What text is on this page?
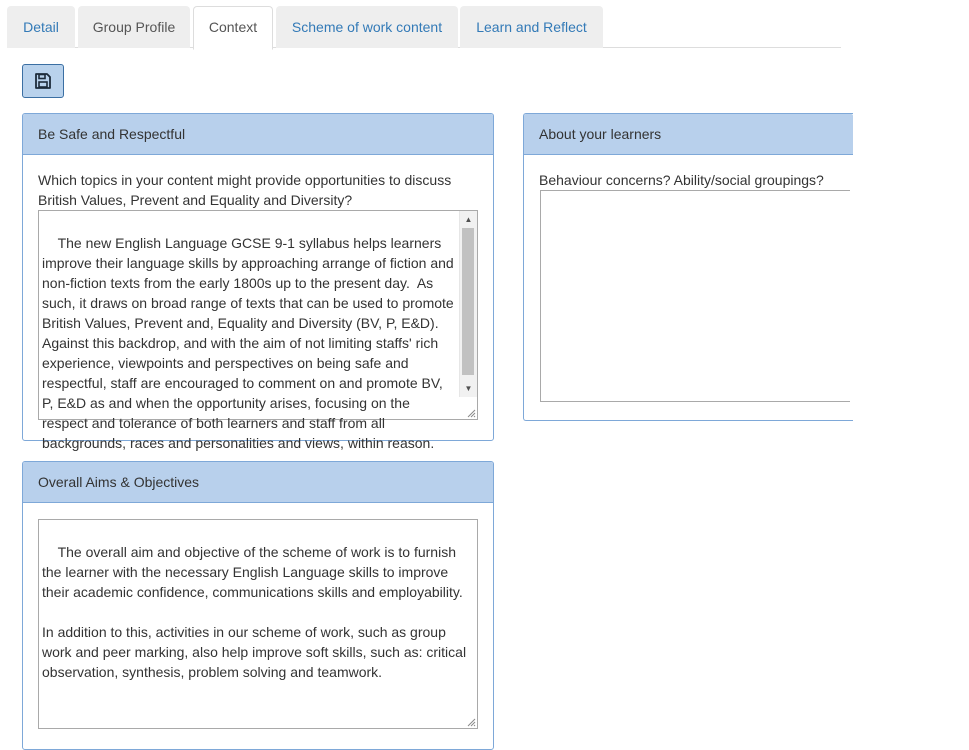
Detail	Group Profile	Context	Scheme of work content	Learn and Reflect
Be Safe and Respectful
Which topics in your content might provide opportunities to discuss British Values, Prevent and Equality and Diversity?

The new English Language GCSE 9-1 syllabus helps learners improve their language skills by approaching arrange of fiction and non-fiction texts from the early 1800s up to the present day.  As such, it draws on broad range of texts that can be used to promote British Values, Prevent and, Equality and Diversity (BV, P, E&D). Against this backdrop, and with the aim of not limiting staffs' rich experience, viewpoints and perspectives on being safe and respectful, staff are encouraged to comment on and promote BV, P, E&D as and when the opportunity arises, focusing on the respect and tolerance of both learners and staff from all backgrounds, races and personalities and views, within reason.

▲

▼

About your learners
Behaviour concerns? Ability/social groupings?

Overall Aims & Objectives

The overall aim and objective of the scheme of work is to furnish the learner with the necessary English Language skills to improve their academic confidence, communications skills and employability.

In addition to this, activities in our scheme of work, such as group work and peer marking, also help improve soft skills, such as: critical observation, synthesis, problem solving and teamwork.
